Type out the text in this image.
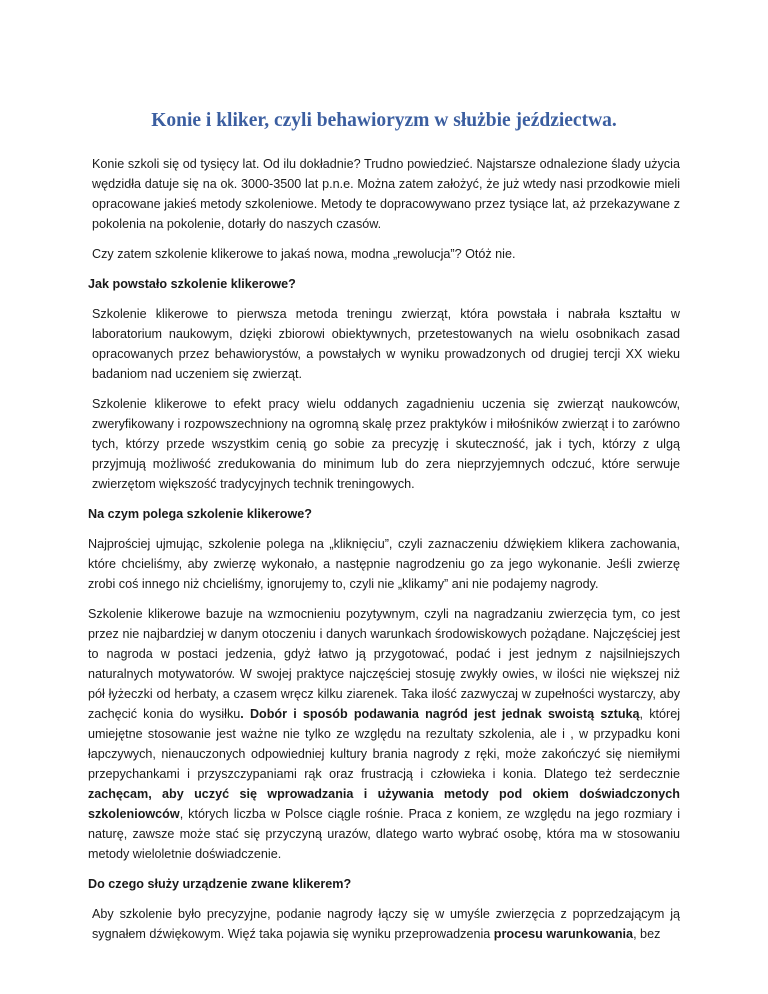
Konie i kliker, czyli behawioryzm w służbie jeździectwa.

Konie szkoli się od tysięcy lat. Od ilu dokładnie? Trudno powiedzieć. Najstarsze odnalezione ślady użycia wędzidła datuje się na ok. 3000-3500 lat p.n.e. Można zatem założyć, że już wtedy nasi przodkowie mieli opracowane jakieś metody szkoleniowe. Metody te dopracowywano przez tysiące lat, aż przekazywane z pokolenia na pokolenie, dotarły do naszych czasów.

Czy zatem szkolenie klikerowe to jakaś nowa, modna „rewolucja”? Otóż nie.

Jak powstało szkolenie klikerowe?

Szkolenie klikerowe to pierwsza metoda treningu zwierząt, która powstała i nabrała kształtu w laboratorium naukowym, dzięki zbiorowi obiektywnych, przetestowanych na wielu osobnikach zasad opracowanych przez behawiorystów, a powstałych w wyniku prowadzonych od drugiej tercji XX wieku badaniom nad uczeniem się zwierząt.

Szkolenie klikerowe to efekt pracy wielu oddanych zagadnieniu uczenia się zwierząt naukowców, zweryfikowany i rozpowszechniony na ogromną skalę przez praktyków i miłośników zwierząt i to zarówno tych, którzy przede wszystkim cenią go sobie za precyzję i skuteczność, jak i tych, którzy z ulgą przyjmują możliwość zredukowania do minimum lub do zera nieprzyjemnych odczuć, które serwuje zwierzętom większość tradycyjnych technik treningowych.

Na czym polega szkolenie klikerowe?

Najprościej ujmując, szkolenie polega na „kliknięciu”, czyli zaznaczeniu dźwiękiem klikera zachowania, które chcieliśmy, aby zwierzę wykonało, a następnie nagrodzeniu go za jego wykonanie. Jeśli zwierzę zrobi coś innego niż chcieliśmy, ignorujemy to, czyli nie „klikamy” ani nie podajemy nagrody.

Szkolenie klikerowe bazuje na wzmocnieniu pozytywnym, czyli na nagradzaniu zwierzęcia tym, co jest przez nie najbardziej w danym otoczeniu i danych warunkach środowiskowych pożądane. Najczęściej jest to nagroda w postaci jedzenia, gdyż łatwo ją przygotować, podać i jest jednym z najsilniejszych naturalnych motywatorów. W swojej praktyce najczęściej stosuję zwykły owies, w ilości nie większej niż pół łyżeczki od herbaty, a czasem wręcz kilku ziarenek. Taka ilość zazwyczaj w zupełności wystarczy, aby zachęcić konia do wysiłku. Dobór i sposób podawania nagród jest jednak swoistą sztuką, której umiejętne stosowanie jest ważne nie tylko ze względu na rezultaty szkolenia, ale i , w przypadku koni łapczywych, nienauczonych odpowiedniej kultury brania nagrody z ręki, może zakończyć się niemiłymi przepychankami i przyszczypaniami rąk oraz frustracją i człowieka i konia. Dlatego też serdecznie zachęcam, aby uczyć się wprowadzania i używania metody pod okiem doświadczonych szkoleniowców, których liczba w Polsce ciągle rośnie. Praca z koniem, ze względu na jego rozmiary i naturę, zawsze może stać się przyczyną urazów, dlatego warto wybrać osobę, która ma w stosowaniu metody wieloletnie doświadczenie.

Do czego służy urządzenie zwane klikerem?

Aby szkolenie było precyzyjne, podanie nagrody łączy się w umyśle zwierzęcia z poprzedzającym ją sygnałem dźwiękowym. Więź taka pojawia się wyniku przeprowadzenia procesu warunkowania, bez
